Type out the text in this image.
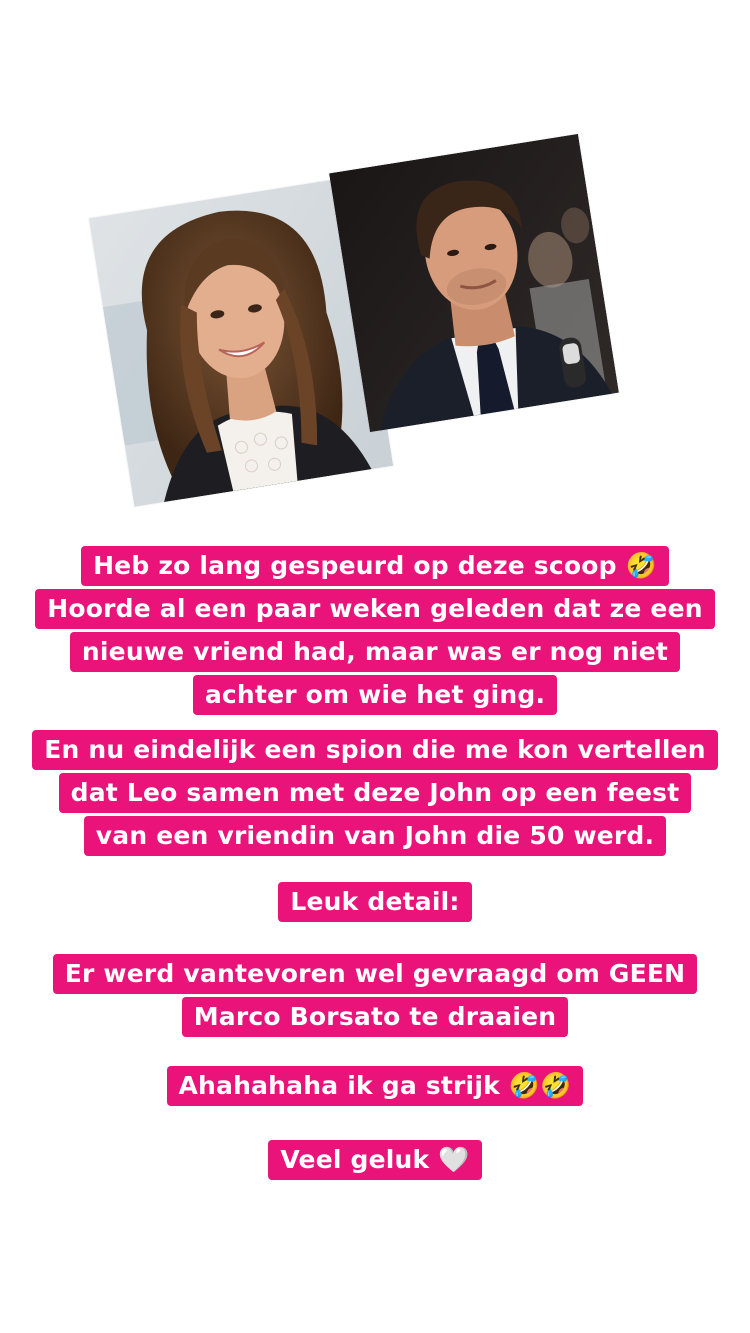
Heb zo lang gespeurd op deze scoop 🤣
Hoorde al een paar weken geleden dat ze een
nieuwe vriend had, maar was er nog niet
achter om wie het ging.
En nu eindelijk een spion die me kon vertellen
dat Leo samen met deze John op een feest
van een vriendin van John die 50 werd.
Leuk detail:
Er werd vantevoren wel gevraagd om GEEN
Marco Borsato te draaien
Ahahahaha ik ga strijk 🤣🤣
Veel geluk 🤍
